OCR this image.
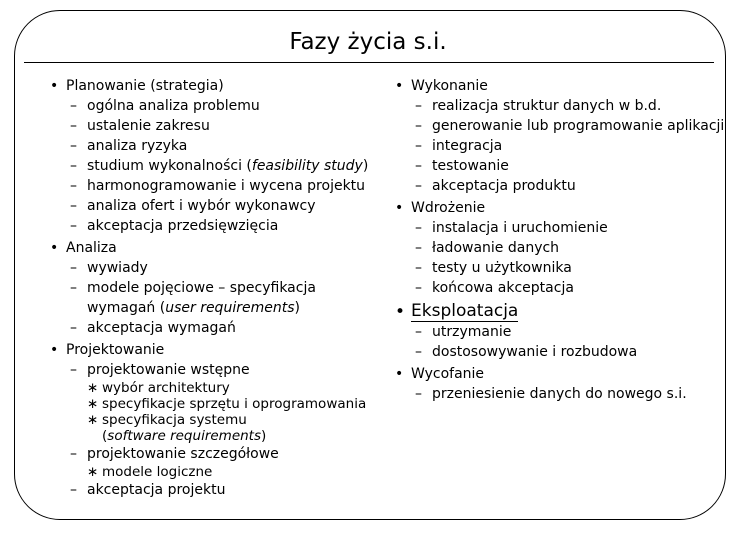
Fazy życia s.i.
• Planowanie (strategia)
– ogólna analiza problemu
– ustalenie zakresu
– analiza ryzyka
– studium wykonalności (feasibility study)
– harmonogramowanie i wycena projektu
– analiza ofert i wybór wykonawcy
– akceptacja przedsięwzięcia
• Analiza
– wywiady
– modele pojęciowe – specyfikacja
wymagań (user requirements)
– akceptacja wymagań
• Projektowanie
– projektowanie wstępne
∗ wybór architektury
∗ specyfikacje sprzętu i oprogramowania
∗ specyfikacja systemu
(software requirements)
– projektowanie szczegółowe
∗ modele logiczne
– akceptacja projektu
• Wykonanie
– realizacja struktur danych w b.d.
– generowanie lub programowanie aplikacji
– integracja
– testowanie
– akceptacja produktu
• Wdrożenie
– instalacja i uruchomienie
– ładowanie danych
– testy u użytkownika
– końcowa akceptacja
• Eksploatacja
– utrzymanie
– dostosowywanie i rozbudowa
• Wycofanie
– przeniesienie danych do nowego s.i.
